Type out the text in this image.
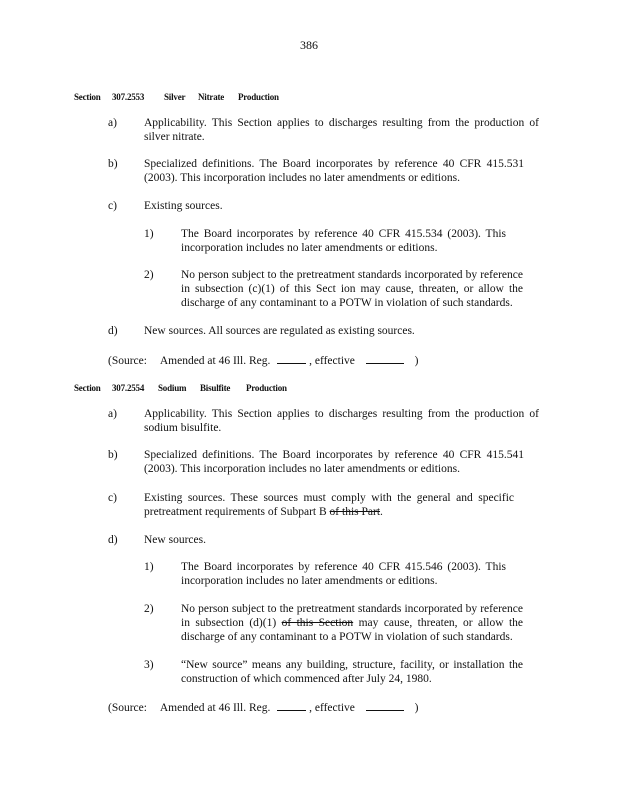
386
Section 307.2553 Silver Nitrate Production
a)	Applicability. This Section applies to discharges resulting from the production of silver nitrate.
b)	Specialized definitions. The Board incorporates by reference 40 CFR 415.531 (2003). This incorporation includes no later amendments or editions.
c)	Existing sources.
1)	The Board incorporates by reference 40 CFR 415.534 (2003). This incorporation includes no later amendments or editions.
2)	No person subject to the pretreatment standards incorporated by reference in subsection (c)(1) of this Sect ion may cause, threaten, or allow the discharge of any contaminant to a POTW in violation of such standards.
d)	New sources. All sources are regulated as existing sources.
(Source: Amended at 46 Ill. Reg.	, effective	)
Section 307.2554 Sodium Bisulfite Production
a)	Applicability. This Section applies to discharges resulting from the production of sodium bisulfite.
b)	Specialized definitions. The Board incorporates by reference 40 CFR 415.541 (2003). This incorporation includes no later amendments or editions.
c)	Existing sources. These sources must comply with the general and specific pretreatment requirements of Subpart B of this Part.
d)	New sources.
1)	The Board incorporates by reference 40 CFR 415.546 (2003). This incorporation includes no later amendments or editions.
2)	No person subject to the pretreatment standards incorporated by reference in subsection (d)(1) of this Section may cause, threaten, or allow the discharge of any contaminant to a POTW in violation of such standards.
3)	“New source” means any building, structure, facility, or installation the construction of which commenced after July 24, 1980.
(Source: Amended at 46 Ill. Reg.	, effective	)
